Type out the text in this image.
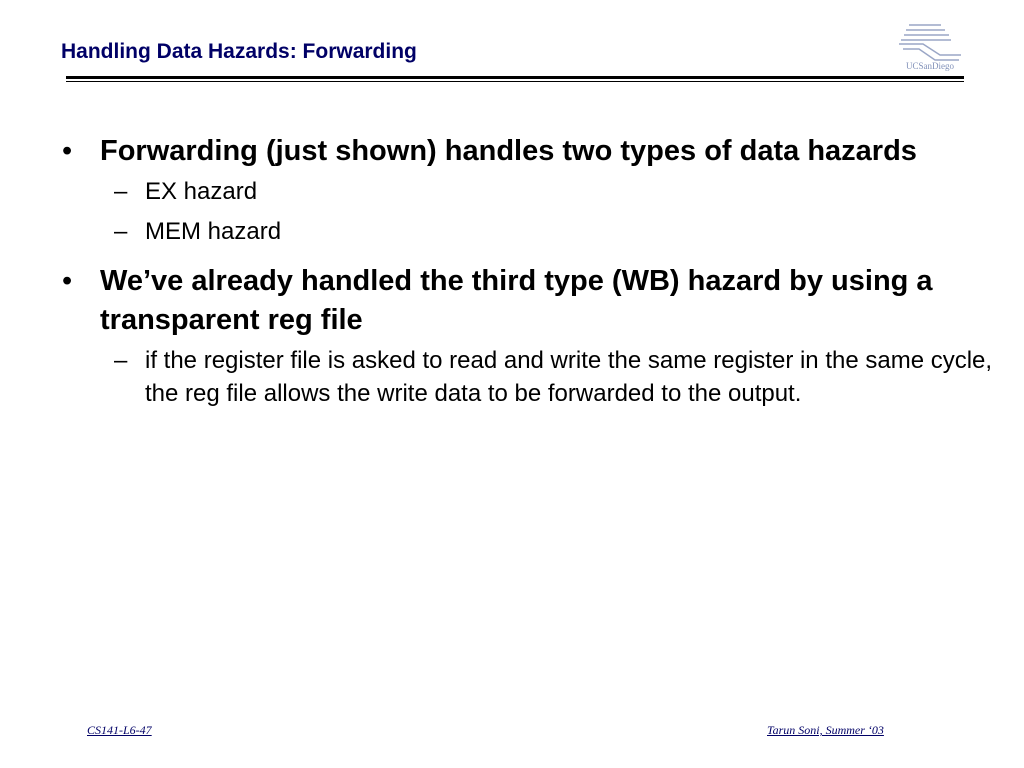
Handling Data Hazards: Forwarding
UCSanDiego
• Forwarding (just shown) handles two types of data hazards
– EX hazard
– MEM hazard
• We’ve already handled the third type (WB) hazard by using a transparent reg file
– if the register file is asked to read and write the same register in the same cycle, the reg file allows the write data to be forwarded to the output.
CS141-L6-47	Tarun Soni, Summer ‘03
